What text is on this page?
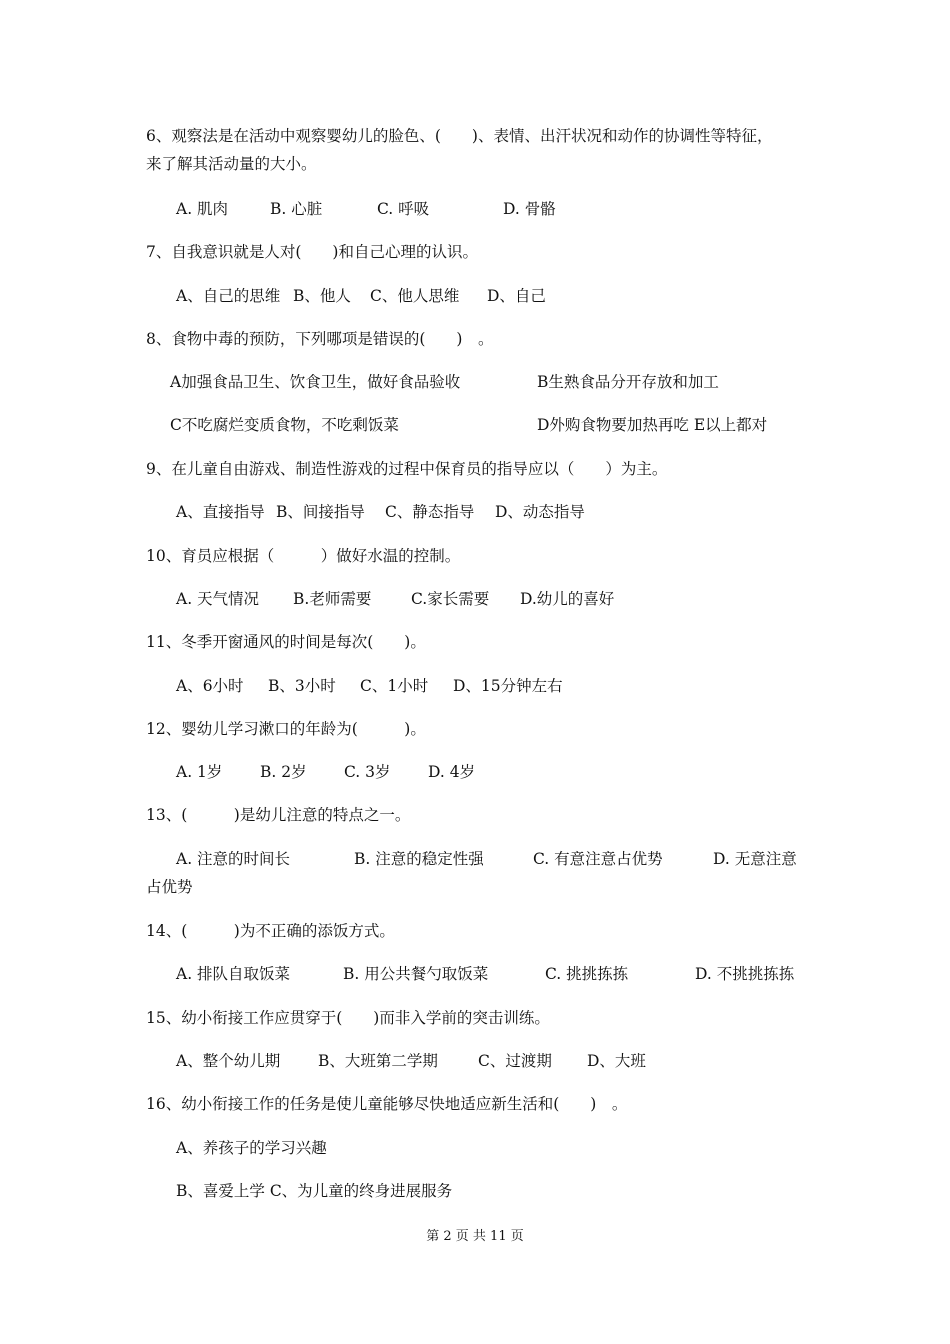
6、观察法是在活动中观察婴幼儿的脸色、(　　)、表情、出汗状况和动作的协调性等特征，
来了解其活动量的大小。
A. 肌肉	B. 心脏	C. 呼吸	D. 骨骼
7、自我意识就是人对(　　)和自己心理的认识。
A、自己的思维 B、他人 C、他人思维 D、自己
8、食物中毒的预防，下列哪项是错误的(　　)　。
A加强食品卫生、饮食卫生，做好食品验收	B生熟食品分开存放和加工
C不吃腐烂变质食物，不吃剩饭菜	D外购食物要加热再吃 E以上都对
9、在儿童自由游戏、制造性游戏的过程中保育员的指导应以（　　）为主。
A、直接指导 B、间接指导 C、静态指导 D、动态指导
10、育员应根据（　　　）做好水温的控制。
A. 天气情况 B.老师需要	C.家长需要 D.幼儿的喜好
11、冬季开窗通风的时间是每次(　　)。
A、6小时 B、3小时 C、1小时 D、15分钟左右
12、婴幼儿学习漱口的年龄为(　　　)。
A. 1岁 B. 2岁 C. 3岁 D. 4岁
13、(　　　)是幼儿注意的特点之一。
A. 注意的时间长	B. 注意的稳定性强	C. 有意注意占优势	D. 无意注意
占优势
14、(　　　)为不正确的添饭方式。
A. 排队自取饭菜	B. 用公共餐勺取饭菜	C. 挑挑拣拣	D. 不挑挑拣拣
15、幼小衔接工作应贯穿于(　　)而非入学前的突击训练。
A、整个幼儿期 B、大班第二学期	C、过渡期 D、大班
16、幼小衔接工作的任务是使儿童能够尽快地适应新生活和(　　)　。
A、养孩子的学习兴趣
B、喜爱上学 C、为儿童的终身进展服务
第 2 页 共 11 页
